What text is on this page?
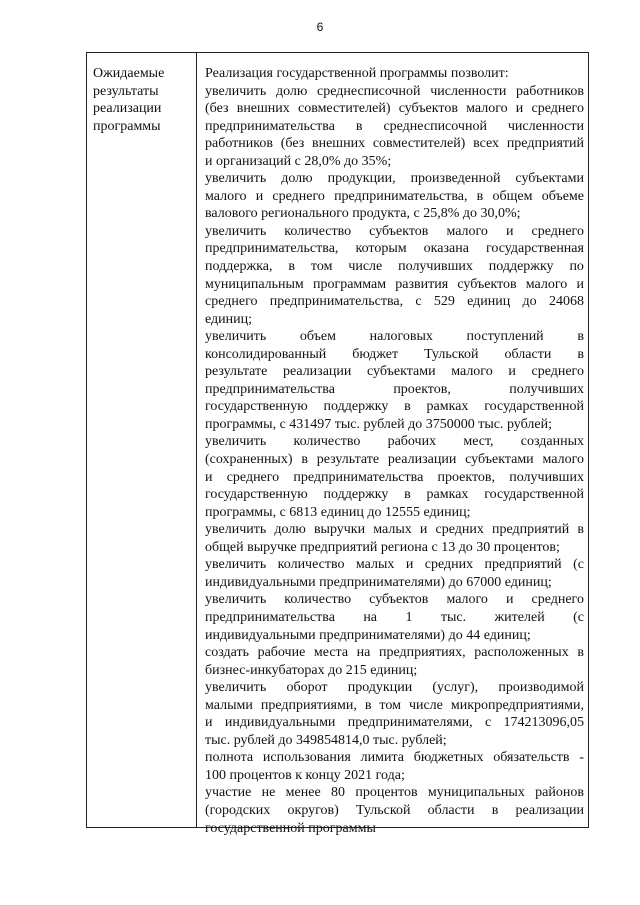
6
Ожидаемые
результаты
реализации
программы
Реализация государственной программы позволит:
увеличить долю среднесписочной численности работников
(без внешних совместителей) субъектов малого и среднего
предпринимательства в среднесписочной численности
работников (без внешних совместителей) всех предприятий
и организаций с 28,0% до 35%;
увеличить долю продукции, произведенной субъектами
малого и среднего предпринимательства, в общем объеме
валового регионального продукта, с 25,8% до 30,0%;
увеличить количество субъектов малого и среднего
предпринимательства, которым оказана государственная
поддержка, в том числе получивших поддержку по
муниципальным программам развития субъектов малого и
среднего предпринимательства, с 529 единиц до 24068
единиц;
увеличить объем налоговых поступлений в
консолидированный бюджет Тульской области в
результате реализации субъектами малого и среднего
предпринимательства	проектов,	получивших
государственную поддержку в рамках государственной
программы, с 431497 тыс. рублей до 3750000 тыс. рублей;
увеличить количество рабочих мест, созданных
(сохраненных) в результате реализации субъектами малого
и среднего предпринимательства проектов, получивших
государственную поддержку в рамках государственной
программы, с 6813 единиц до 12555 единиц;
увеличить долю выручки малых и средних предприятий в
общей выручке предприятий региона с 13 до 30 процентов;
увеличить количество малых и средних предприятий (с
индивидуальными предпринимателями) до 67000 единиц;
увеличить количество субъектов малого и среднего
предпринимательства на 1 тыс. жителей (с
индивидуальными предпринимателями) до 44 единиц;
создать рабочие места на предприятиях, расположенных в
бизнес-инкубаторах до 215 единиц;
увеличить оборот продукции (услуг), производимой
малыми предприятиями, в том числе микропредприятиями,
и индивидуальными предпринимателями, с 174213096,05
тыс. рублей до 349854814,0 тыс. рублей;
полнота использования лимита бюджетных обязательств -
100 процентов к концу 2021 года;
участие не менее 80 процентов муниципальных районов
(городских округов) Тульской области в реализации
государственной программы
